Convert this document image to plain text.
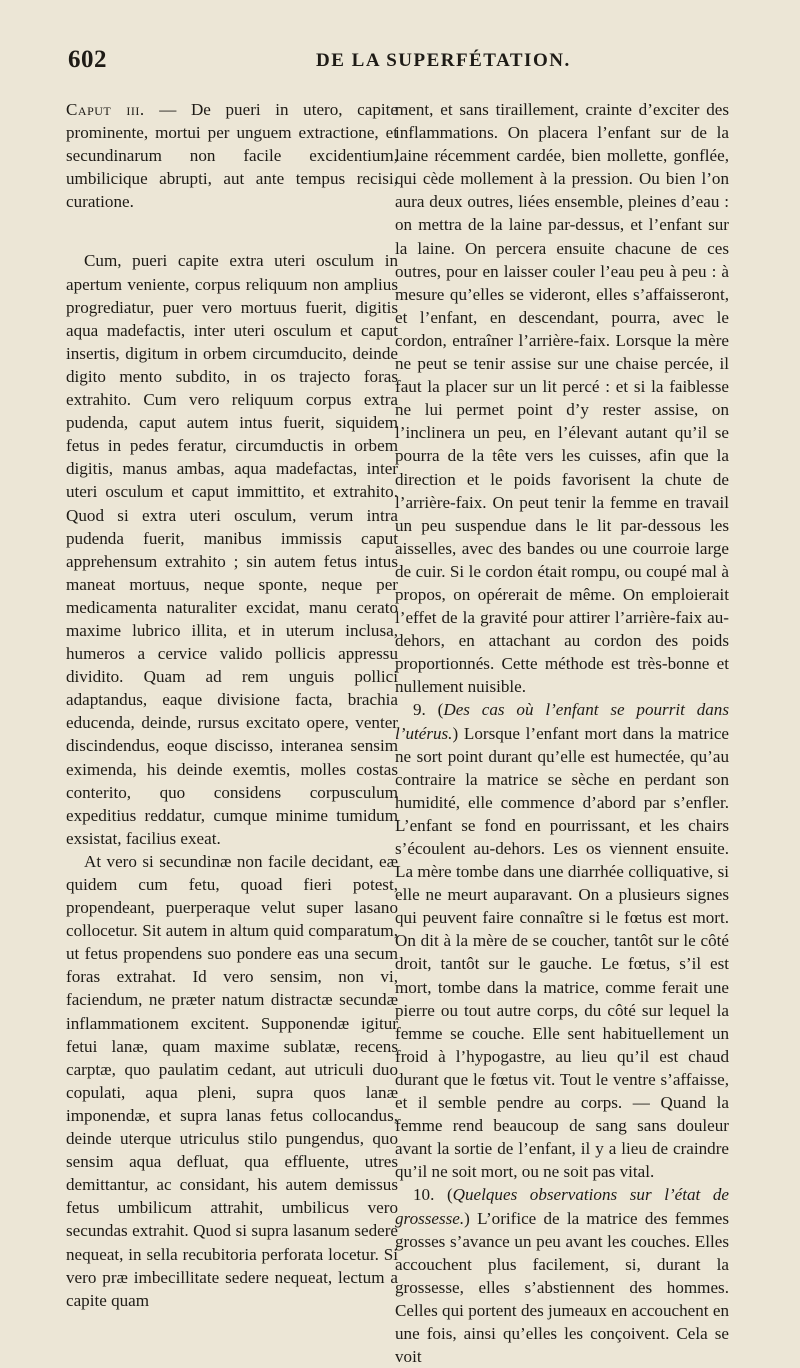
602	DE LA SUPERFÉTATION.

Caput iii. — De pueri in utero, capite prominente, mortui per unguem extractione, et secundinarum non facile excidentium, umbilicique abrupti, aut ante tempus recisi, curatione.

Cum, pueri capite extra uteri osculum in apertum veniente, corpus reliquum non amplius progrediatur, puer vero mortuus fuerit, digitis aqua madefactis, inter uteri osculum et caput insertis, digitum in orbem circumducito, deinde digito mento subdito, in os trajecto foras extrahito. Cum vero reliquum corpus extra pudenda, caput autem intus fuerit, siquidem fetus in pedes feratur, circumductis in orbem digitis, manus ambas, aqua madefactas, inter uteri osculum et caput immittito, et extrahito. Quod si extra uteri osculum, verum intra pudenda fuerit, manibus immissis caput apprehensum extrahito ; sin autem fetus intus maneat mortuus, neque sponte, neque per medicamenta naturaliter excidat, manu cerato maxime lubrico illita, et in uterum inclusa, humeros a cervice valido pollicis appressu dividito. Quam ad rem unguis pollici adaptandus, eaque divisione facta, brachia educenda, deinde, rursus excitato opere, venter discindendus, eoque discisso, interanea sensim eximenda, his deinde exemtis, molles costas conterito, quo considens corpusculum expeditius reddatur, cumque minime tumidum exsistat, facilius exeat.

At vero si secundinæ non facile decidant, eæ quidem cum fetu, quoad fieri potest, propendeant, puerperaque velut super lasano collocetur. Sit autem in altum quid comparatum, ut fetus propendens suo pondere eas una secum foras extrahat. Id vero sensim, non vi, faciendum, ne præter natum distractæ secundæ inflammationem excitent. Supponendæ igitur fetui lanæ, quam maxime sublatæ, recens carptæ, quo paulatim cedant, aut utriculi duo copulati, aqua pleni, supra quos lanæ imponendæ, et supra lanas fetus collocandus, deinde uterque utriculus stilo pungendus, quo sensim aqua defluat, qua effluente, utres demittantur, ac considant, his autem demissus fetus umbilicum attrahit, umbilicus vero secundas extrahit. Quod si supra lasanum sedere nequeat, in sella recubitoria perforata locetur. Si vero præ imbecillitate sedere nequeat, lectum a capite quam

ment, et sans tiraillement, crainte d’exciter des inflammations. On placera l’enfant sur de la laine récemment cardée, bien mollette, gonflée, qui cède mollement à la pression. Ou bien l’on aura deux outres, liées ensemble, pleines d’eau : on mettra de la laine par-dessus, et l’enfant sur la laine. On percera ensuite chacune de ces outres, pour en laisser couler l’eau peu à peu : à mesure qu’elles se videront, elles s’affaisseront, et l’enfant, en descendant, pourra, avec le cordon, entraîner l’arrière-faix. Lorsque la mère ne peut se tenir assise sur une chaise percée, il faut la placer sur un lit percé : et si la faiblesse ne lui permet point d’y rester assise, on l’inclinera un peu, en l’élevant autant qu’il se pourra de la tête vers les cuisses, afin que la direction et le poids favorisent la chute de l’arrière-faix. On peut tenir la femme en travail un peu suspendue dans le lit par-dessous les aisselles, avec des bandes ou une courroie large de cuir. Si le cordon était rompu, ou coupé mal à propos, on opérerait de même. On emploierait l’effet de la gravité pour attirer l’arrière-faix au-dehors, en attachant au cordon des poids proportionnés. Cette méthode est très-bonne et nullement nuisible.

9. (Des cas où l’enfant se pourrit dans l’utérus.) Lorsque l’enfant mort dans la matrice ne sort point durant qu’elle est humectée, qu’au contraire la matrice se sèche en perdant son humidité, elle commence d’abord par s’enfler. L’enfant se fond en pourrissant, et les chairs s’écoulent au-dehors. Les os viennent ensuite. La mère tombe dans une diarrhée colliquative, si elle ne meurt auparavant. On a plusieurs signes qui peuvent faire connaître si le fœtus est mort. On dit à la mère de se coucher, tantôt sur le côté droit, tantôt sur le gauche. Le fœtus, s’il est mort, tombe dans la matrice, comme ferait une pierre ou tout autre corps, du côté sur lequel la femme se couche. Elle sent habituellement un froid à l’hypogastre, au lieu qu’il est chaud durant que le fœtus vit. Tout le ventre s’affaisse, et il semble pendre au corps. — Quand la femme rend beaucoup de sang sans douleur avant la sortie de l’enfant, il y a lieu de craindre qu’il ne soit mort, ou ne soit pas vital.

10. (Quelques observations sur l’état de grossesse.) L’orifice de la matrice des femmes grosses s’avance un peu avant les couches. Elles accouchent plus facilement, si, durant la grossesse, elles s’abstiennent des hommes. Celles qui portent des jumeaux en accouchent en une fois, ainsi qu’elles les conçoivent. Cela se voit
